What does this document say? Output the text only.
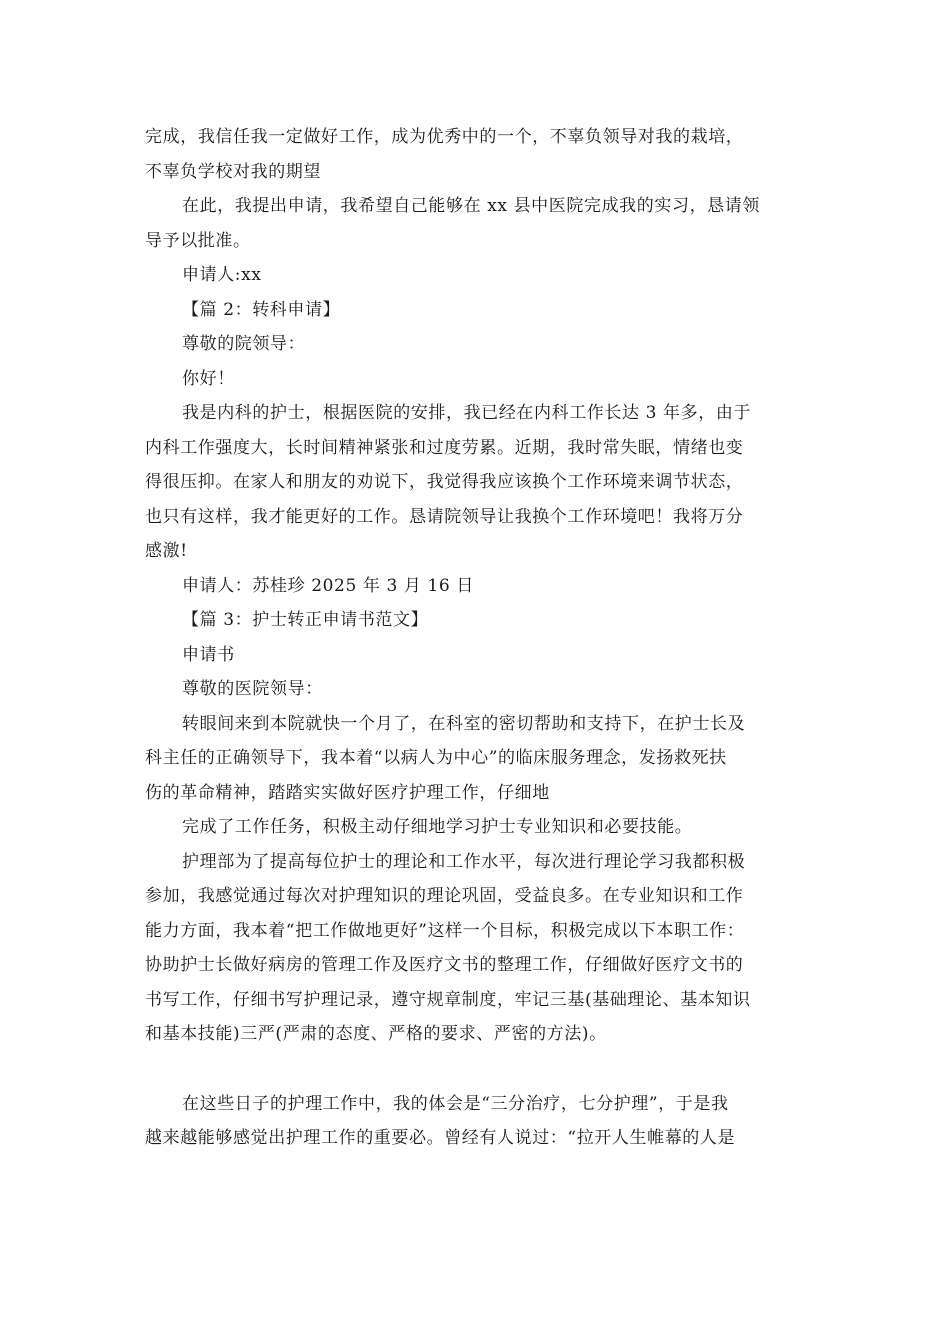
完成，我信任我一定做好工作，成为优秀中的一个，不辜负领导对我的栽培，
不辜负学校对我的期望
在此，我提出申请，我希望自己能够在 xx 县中医院完成我的实习，恳请领
导予以批准。
申请人:xx
【篇 2：转科申请】
尊敬的院领导：
你好！
我是内科的护士，根据医院的安排，我已经在内科工作长达 3 年多，由于
内科工作强度大，长时间精神紧张和过度劳累。近期，我时常失眠，情绪也变
得很压抑。在家人和朋友的劝说下，我觉得我应该换个工作环境来调节状态，
也只有这样，我才能更好的工作。恳请院领导让我换个工作环境吧！我将万分
感激!
申请人：苏桂珍 2025 年 3 月 16 日
【篇 3：护士转正申请书范文】
申请书
尊敬的医院领导：
转眼间来到本院就快一个月了，在科室的密切帮助和支持下，在护士长及
科主任的正确领导下，我本着“以病人为中心”的临床服务理念，发扬救死扶
伤的革命精神，踏踏实实做好医疗护理工作，仔细地
完成了工作任务，积极主动仔细地学习护士专业知识和必要技能。
护理部为了提高每位护士的理论和工作水平，每次进行理论学习我都积极
参加，我感觉通过每次对护理知识的理论巩固，受益良多。在专业知识和工作
能力方面，我本着“把工作做地更好”这样一个目标，积极完成以下本职工作：
协助护士长做好病房的管理工作及医疗文书的整理工作，仔细做好医疗文书的
书写工作，仔细书写护理记录，遵守规章制度，牢记三基(基础理论、基本知识
和基本技能)三严(严肃的态度、严格的要求、严密的方法)。
在这些日子的护理工作中，我的体会是“三分治疗，七分护理”，于是我
越来越能够感觉出护理工作的重要必。曾经有人说过：“拉开人生帷幕的人是
